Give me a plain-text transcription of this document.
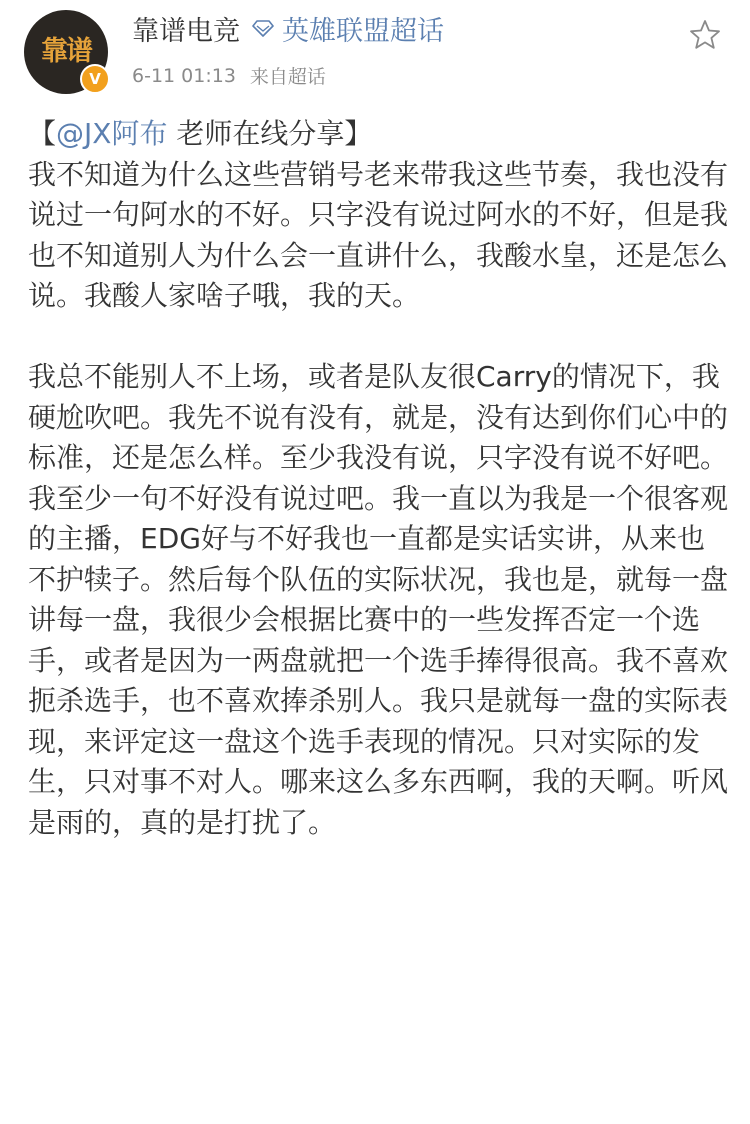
靠谱
V
靠谱电竞 英雄联盟超话
6-11 01:13 来自超话

【@JX阿布 老师在线分享】

我不知道为什么这些营销号老来带我这些节奏，我也没有说过一句阿水的不好。只字没有说过阿水的不好，但是我也不知道别人为什么会一直讲什么，我酸水皇，还是怎么说。我酸人家啥子哦，我的天。

我总不能别人不上场，或者是队友很Carry的情况下，我硬尬吹吧。我先不说有没有，就是，没有达到你们心中的标准，还是怎么样。至少我没有说，只字没有说不好吧。我至少一句不好没有说过吧。我一直以为我是一个很客观的主播，EDG好与不好我也一直都是实话实讲，从来也不护犊子。然后每个队伍的实际状况，我也是，就每一盘讲每一盘，我很少会根据比赛中的一些发挥否定一个选手，或者是因为一两盘就把一个选手捧得很高。我不喜欢扼杀选手，也不喜欢捧杀别人。我只是就每一盘的实际表现，来评定这一盘这个选手表现的情况。只对实际的发生，只对事不对人。哪来这么多东西啊，我的天啊。听风是雨的，真的是打扰了。
